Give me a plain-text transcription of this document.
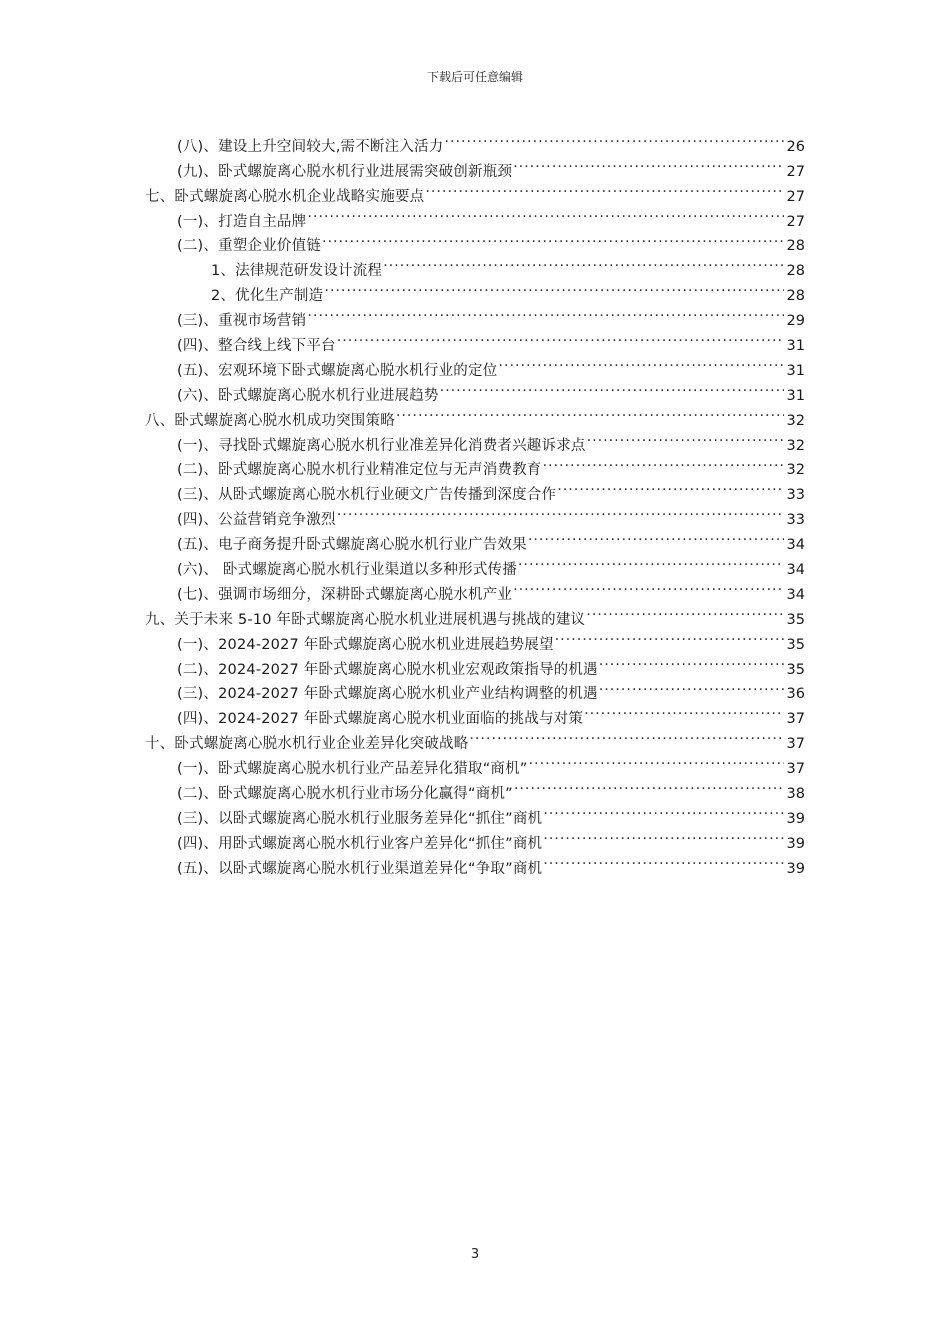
下载后可任意编辑
(八)、建设上升空间较大,需不断注入活力 .....	26
(九)、卧式螺旋离心脱水机行业进展需突破创新瓶颈 .....	27
七、卧式螺旋离心脱水机企业战略实施要点 .....	27
(一)、打造自主品牌 .....	27
(二)、重塑企业价值链 .....	28
1、法律规范研发设计流程 .....	28
2、优化生产制造 .....	28
(三)、重视市场营销 .....	29
(四)、整合线上线下平台 .....	31
(五)、宏观环境下卧式螺旋离心脱水机行业的定位 .....	31
(六)、卧式螺旋离心脱水机行业进展趋势 .....	31
八、卧式螺旋离心脱水机成功突围策略 .....	32
(一)、寻找卧式螺旋离心脱水机行业准差异化消费者兴趣诉求点 .....	32
(二)、卧式螺旋离心脱水机行业精准定位与无声消费教育 .....	32
(三)、从卧式螺旋离心脱水机行业硬文广告传播到深度合作 .....	33
(四)、公益营销竞争激烈 .....	33
(五)、电子商务提升卧式螺旋离心脱水机行业广告效果 .....	34
(六)、 卧式螺旋离心脱水机行业渠道以多种形式传播 .....	34
(七)、强调市场细分，深耕卧式螺旋离心脱水机产业 .....	34
九、关于未来 5-10 年卧式螺旋离心脱水机业进展机遇与挑战的建议 .....	35
(一)、2024-2027 年卧式螺旋离心脱水机业进展趋势展望 .....	35
(二)、2024-2027 年卧式螺旋离心脱水机业宏观政策指导的机遇 .....	35
(三)、2024-2027 年卧式螺旋离心脱水机业产业结构调整的机遇 .....	36
(四)、2024-2027 年卧式螺旋离心脱水机业面临的挑战与对策 .....	37
十、卧式螺旋离心脱水机行业企业差异化突破战略 .....	37
(一)、卧式螺旋离心脱水机行业产品差异化猎取“商机” .....	37
(二)、卧式螺旋离心脱水机行业市场分化赢得“商机” .....	38
(三)、以卧式螺旋离心脱水机行业服务差异化“抓住”商机 .....	39
(四)、用卧式螺旋离心脱水机行业客户差异化“抓住”商机 .....	39
(五)、以卧式螺旋离心脱水机行业渠道差异化“争取”商机 .....	39
3
